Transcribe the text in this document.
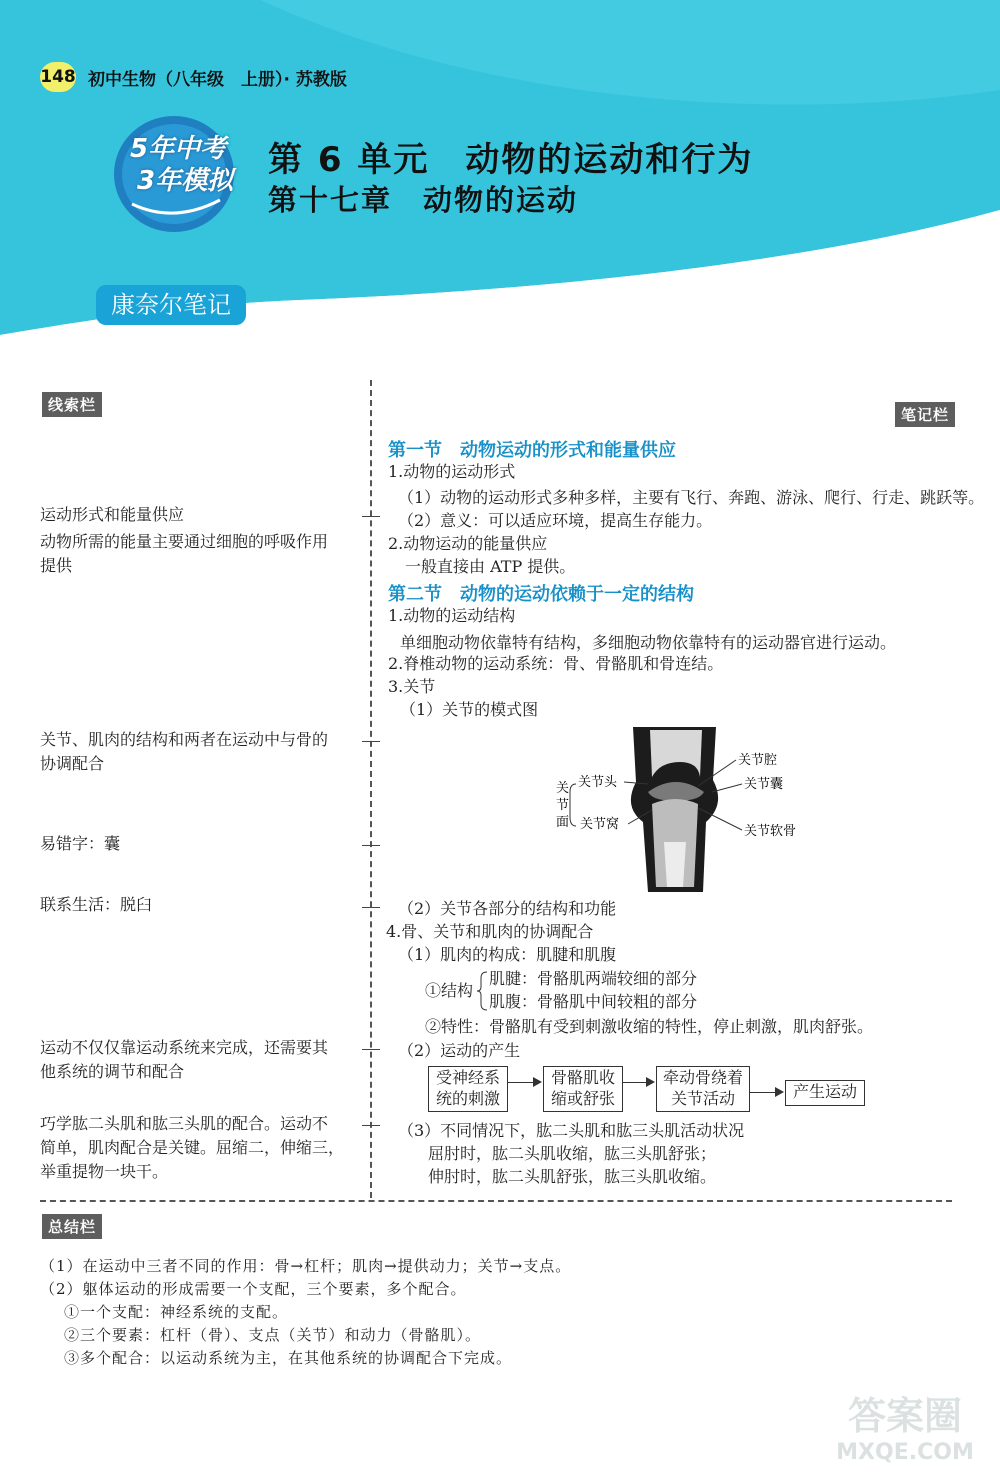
148 初中生物（八年级　上册）· 苏教版
5年中考
3年模拟
第 6 单元　动物的运动和行为
第十七章　动物的运动
康奈尔笔记
线索栏
笔记栏
运动形式和能量供应
动物所需的能量主要通过细胞的呼吸作用
提供
关节、肌肉的结构和两者在运动中与骨的
协调配合
易错字：囊
联系生活：脱臼
运动不仅仅靠运动系统来完成，还需要其
他系统的调节和配合
巧学肱二头肌和肱三头肌的配合。运动不
简单，肌肉配合是关键。屈缩二，伸缩三，
举重提物一块干。
第一节　动物运动的形式和能量供应
1.动物的运动形式
（1）动物的运动形式多种多样，主要有飞行、奔跑、游泳、爬行、行走、跳跃等。
（2）意义：可以适应环境，提高生存能力。
2.动物运动的能量供应
一般直接由 ATP 提供。
第二节　动物的运动依赖于一定的结构
1.动物的运动结构
单细胞动物依靠特有结构，多细胞动物依靠特有的运动器官进行运动。
2.脊椎动物的运动系统：骨、骨骼肌和骨连结。
3.关节
（1）关节的模式图
关
节
面
关节头
关节窝
关节腔
关节囊
关节软骨
（2）关节各部分的结构和功能
4.骨、关节和肌肉的协调配合
（1）肌肉的构成：肌腱和肌腹
①结构
肌腱：骨骼肌两端较细的部分
肌腹：骨骼肌中间较粗的部分
②特性：骨骼肌有受到刺激收缩的特性，停止刺激，肌肉舒张。
（2）运动的产生
受神经系统的刺激
骨骼肌收缩或舒张
牵动骨绕着关节活动	产生运动
（3）不同情况下，肱二头肌和肱三头肌活动状况
屈肘时，肱二头肌收缩，肱三头肌舒张；
伸肘时，肱二头肌舒张，肱三头肌收缩。
总结栏
（1）在运动中三者不同的作用：骨→杠杆；肌肉→提供动力；关节→支点。
（2）躯体运动的形成需要一个支配，三个要素，多个配合。
①一个支配：神经系统的支配。
②三个要素：杠杆（骨）、支点（关节）和动力（骨骼肌）。
③多个配合：以运动系统为主，在其他系统的协调配合下完成。
答案圈
MXQE.COM
